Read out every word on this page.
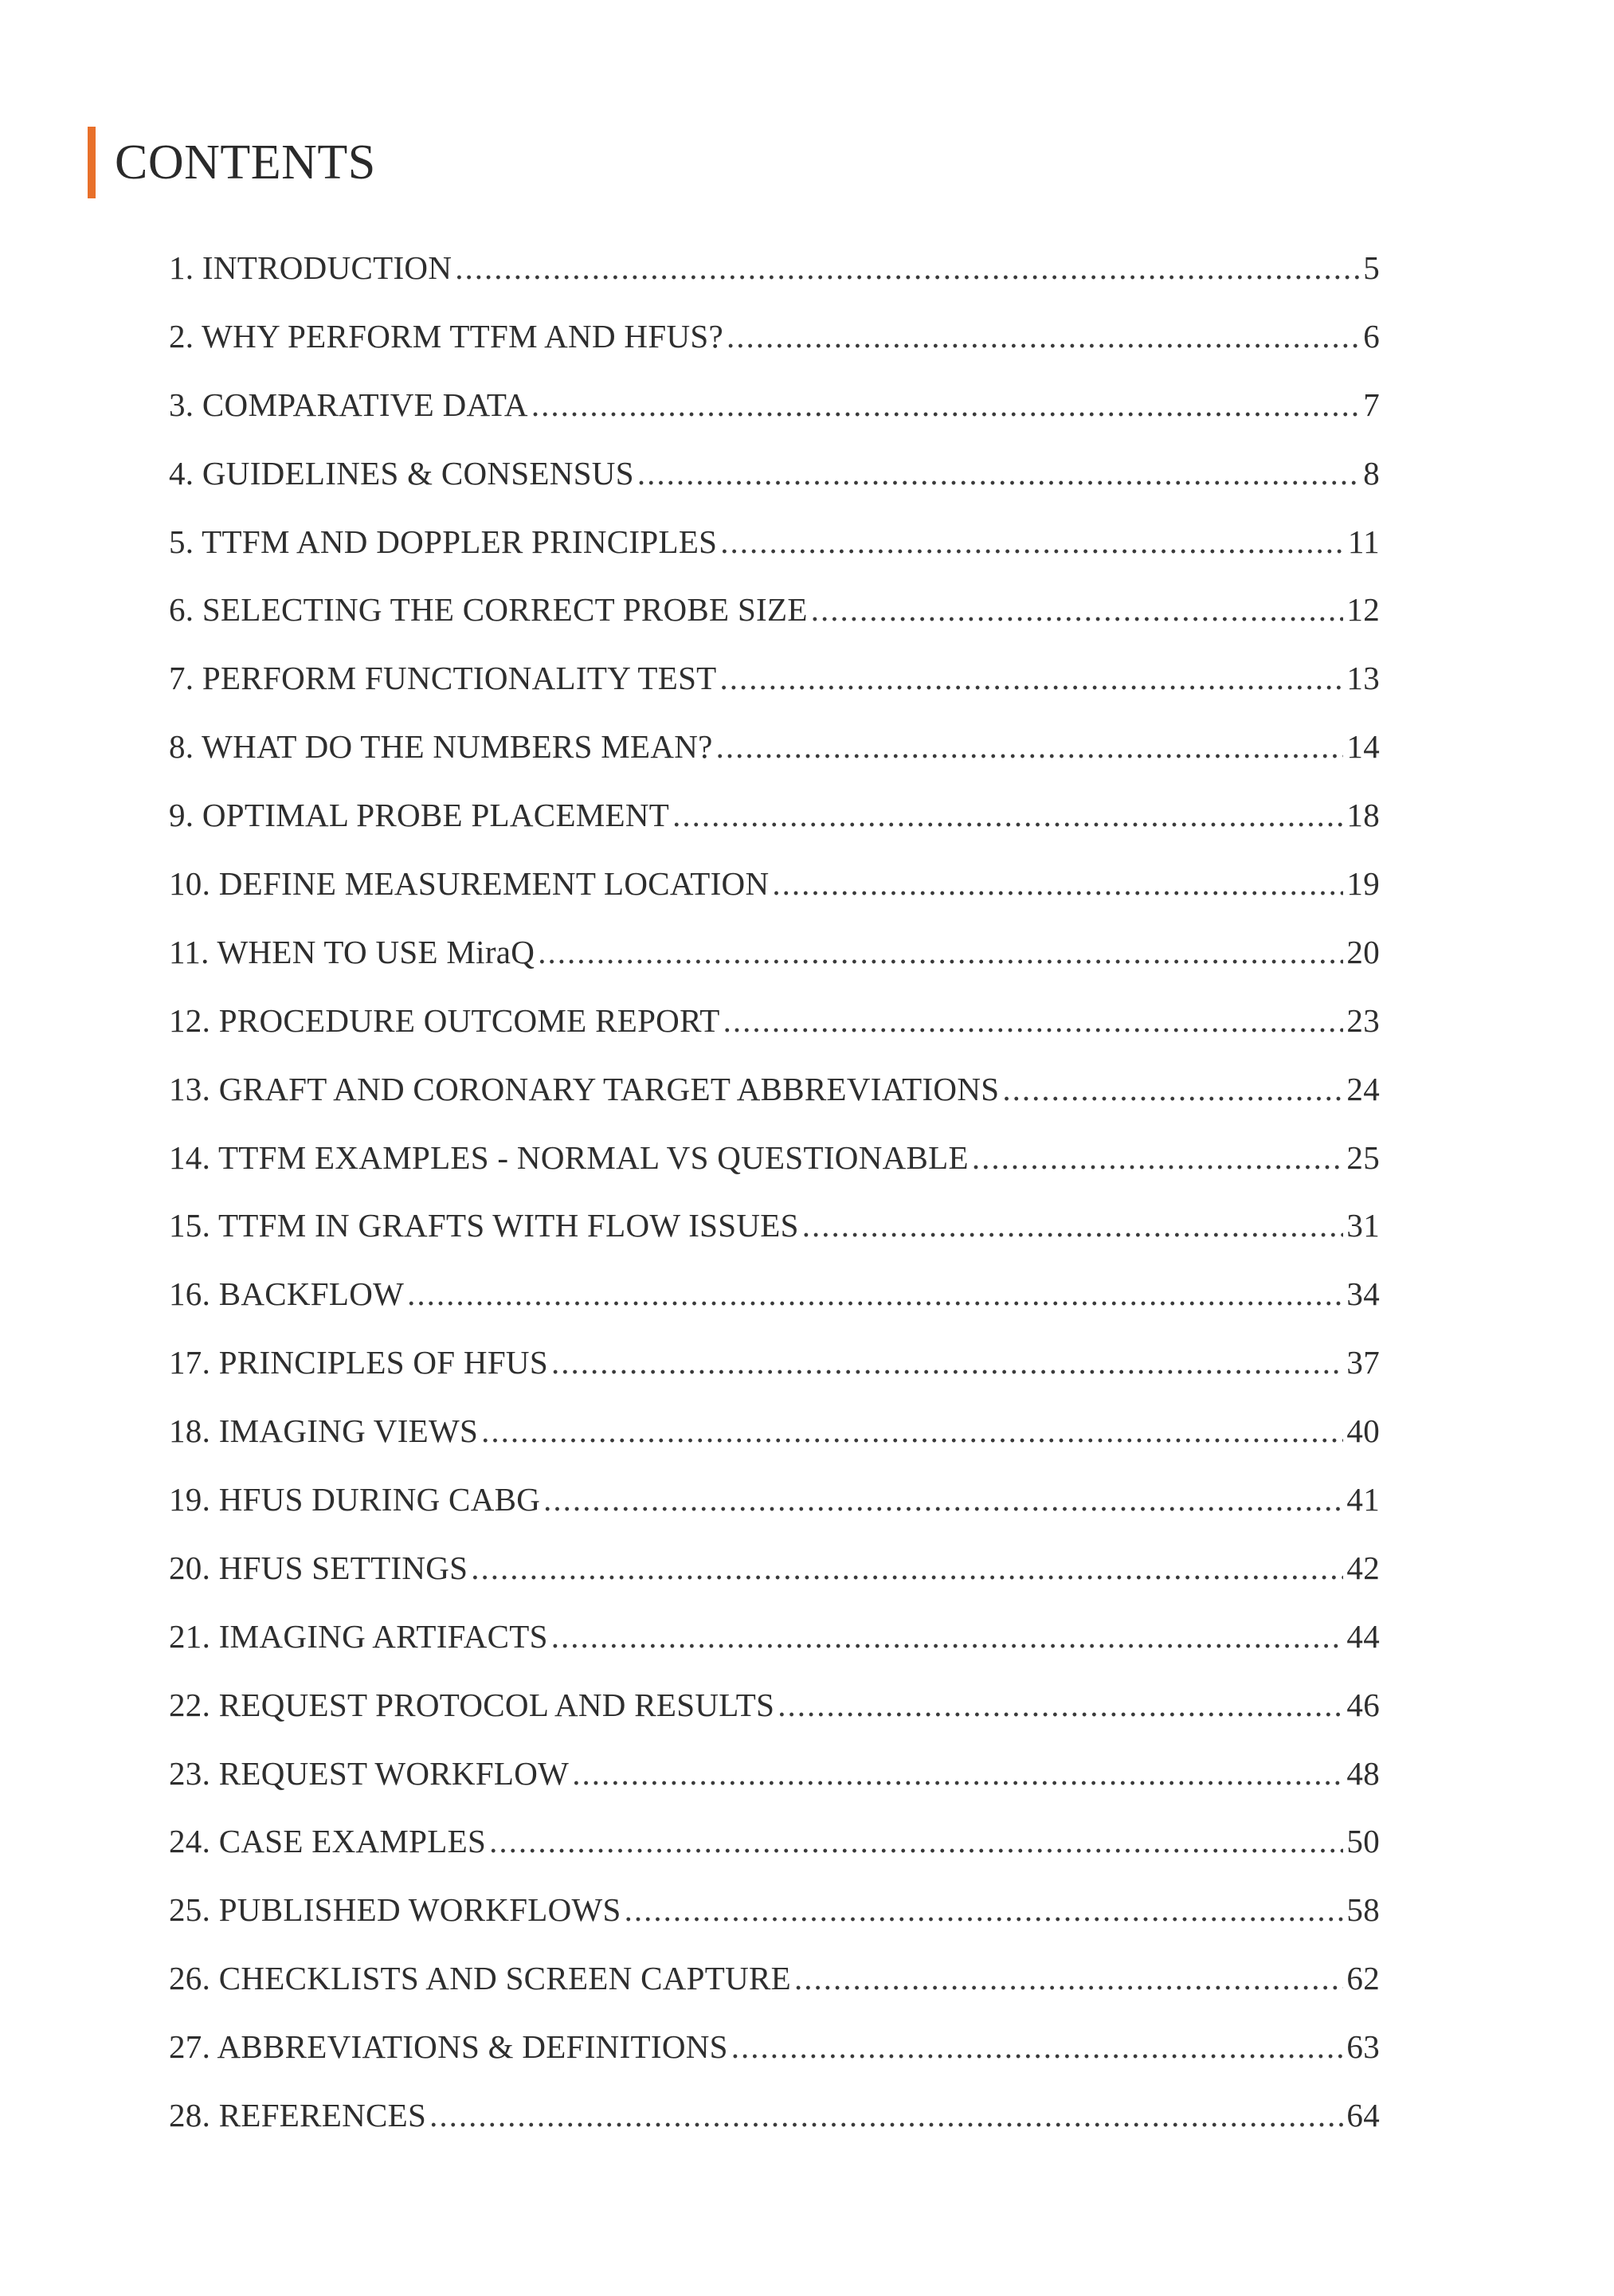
CONTENTS
1. INTRODUCTION .....	5
2. WHY PERFORM TTFM AND HFUS? .....	6
3. COMPARATIVE DATA .....	7
4. GUIDELINES & CONSENSUS .....	8
5. TTFM AND DOPPLER PRINCIPLES .....	11
6. SELECTING THE CORRECT PROBE SIZE .....	12
7. PERFORM FUNCTIONALITY TEST .....	13
8. WHAT DO THE NUMBERS MEAN? .....	14
9. OPTIMAL PROBE PLACEMENT .....	18
10. DEFINE MEASUREMENT LOCATION .....	19
11. WHEN TO USE MiraQ .....	20
12. PROCEDURE OUTCOME REPORT .....	23
13. GRAFT AND CORONARY TARGET ABBREVIATIONS .....	24
14. TTFM EXAMPLES - NORMAL VS QUESTIONABLE .....	25
15. TTFM IN GRAFTS WITH FLOW ISSUES .....	31
16. BACKFLOW .....	34
17. PRINCIPLES OF HFUS .....	37
18. IMAGING VIEWS .....	40
19. HFUS DURING CABG .....	41
20. HFUS SETTINGS .....	42
21. IMAGING ARTIFACTS .....	44
22. REQUEST PROTOCOL AND RESULTS .....	46
23. REQUEST WORKFLOW .....	48
24. CASE EXAMPLES .....	50
25. PUBLISHED WORKFLOWS .....	58
26. CHECKLISTS AND SCREEN CAPTURE .....	62
27. ABBREVIATIONS & DEFINITIONS .....	63
28. REFERENCES .....	64
